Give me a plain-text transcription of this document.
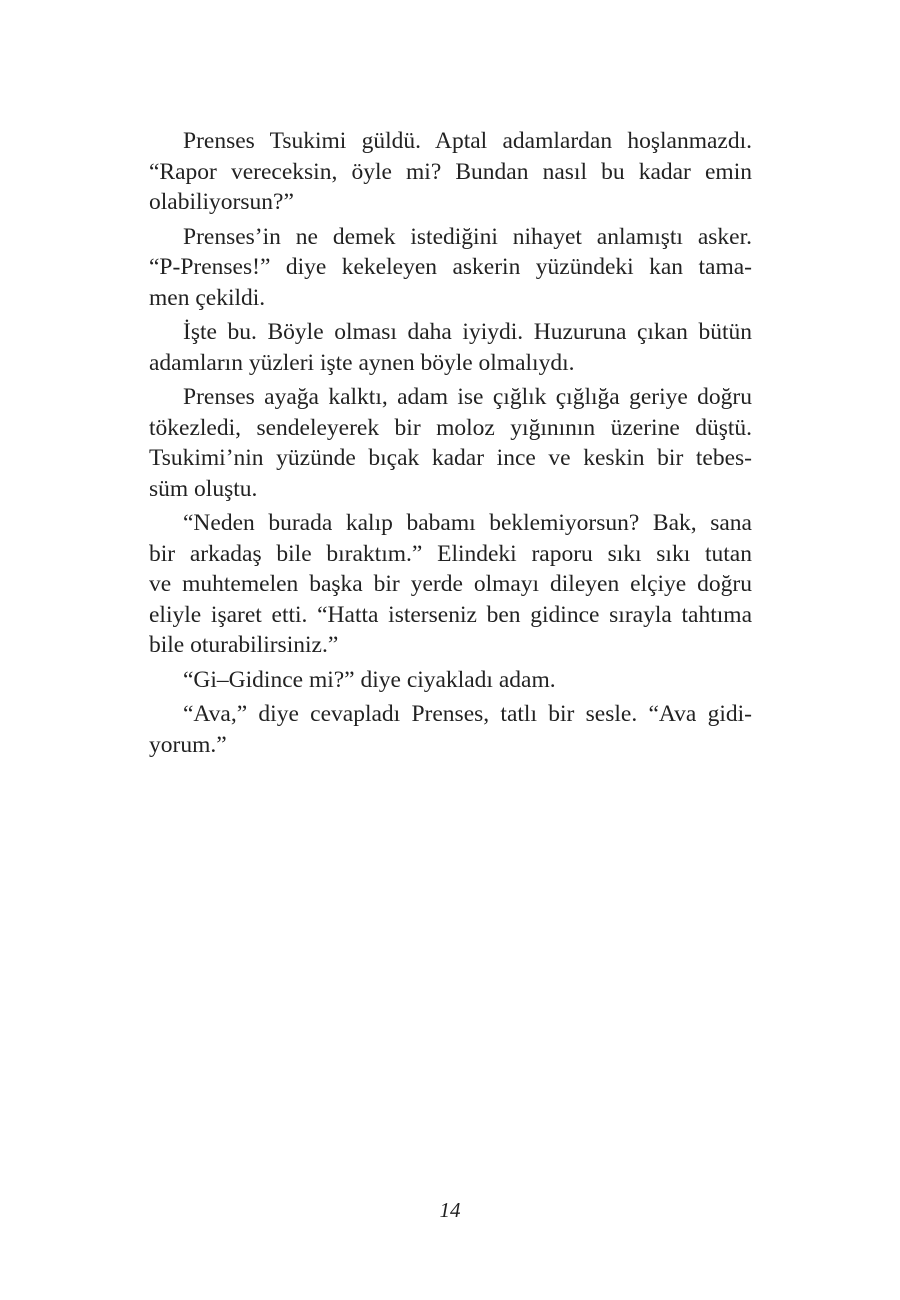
Prenses Tsukimi güldü. Aptal adamlardan hoşlanmazdı.
“Rapor vereceksin, öyle mi? Bundan nasıl bu kadar emin
olabiliyorsun?”

Prenses’in ne demek istediğini nihayet anlamıştı asker.
“P-Prenses!” diye kekeleyen askerin yüzündeki kan tama-
men çekildi.

İşte bu. Böyle olması daha iyiydi. Huzuruna çıkan bütün
adamların yüzleri işte aynen böyle olmalıydı.

Prenses ayağa kalktı, adam ise çığlık çığlığa geriye doğru
tökezledi, sendeleyerek bir moloz yığınının üzerine düştü.
Tsukimi’nin yüzünde bıçak kadar ince ve keskin bir tebes-
süm oluştu.

“Neden burada kalıp babamı beklemiyorsun? Bak, sana
bir arkadaş bile bıraktım.” Elindeki raporu sıkı sıkı tutan
ve muhtemelen başka bir yerde olmayı dileyen elçiye doğru
eliyle işaret etti. “Hatta isterseniz ben gidince sırayla tahtıma
bile oturabilirsiniz.”

“Gi–Gidince mi?” diye ciyakladı adam.

“Ava,” diye cevapladı Prenses, tatlı bir sesle. “Ava gidi-
yorum.”

14
